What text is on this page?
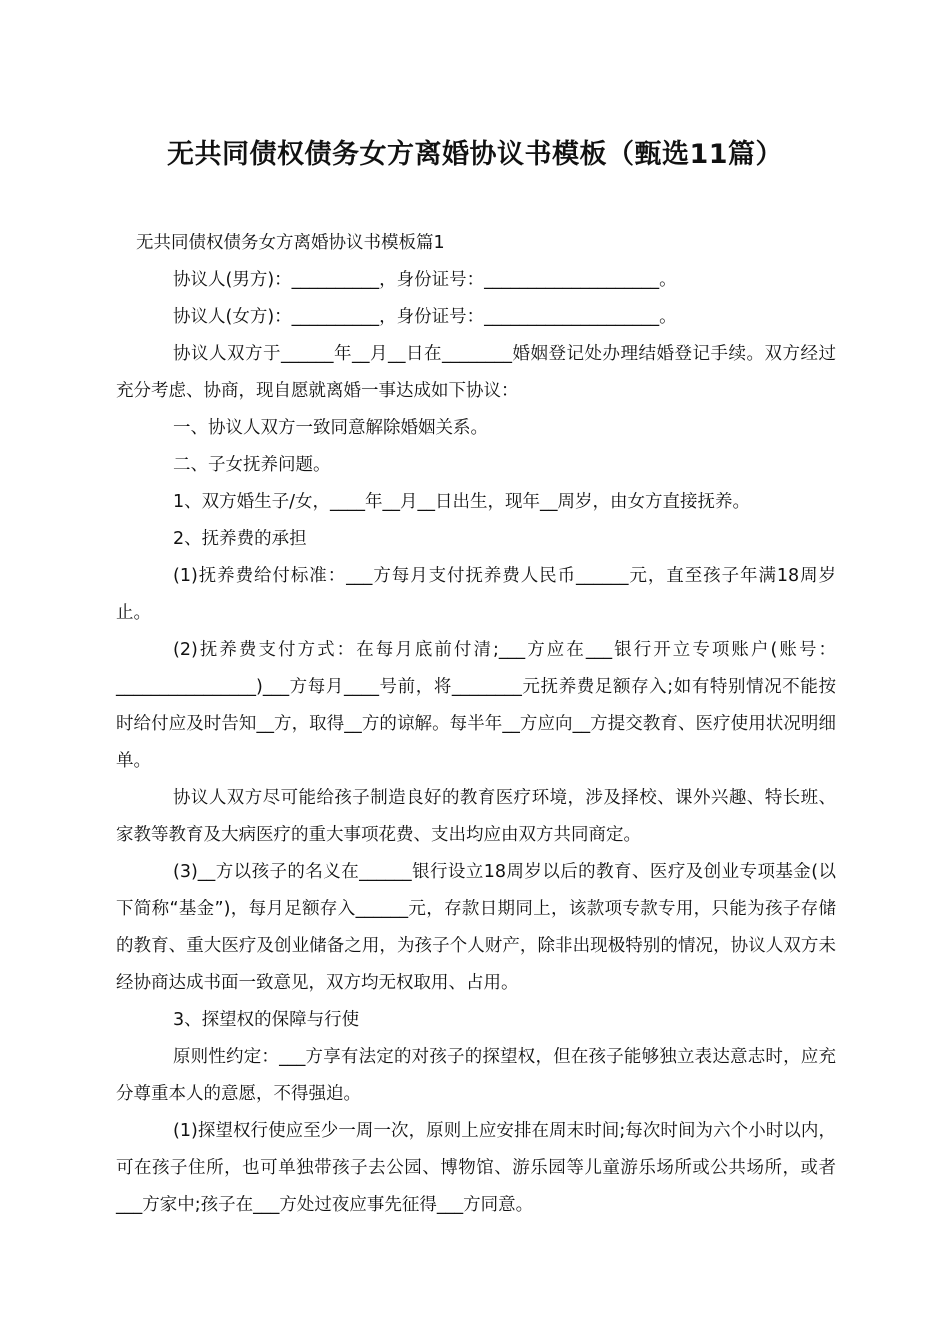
无共同债权债务女方离婚协议书模板（甄选11篇）

无共同债权债务女方离婚协议书模板篇1

协议人(男方)：__________，身份证号：____________________。

协议人(女方)：__________，身份证号：____________________。

协议人双方于______年__月__日在________婚姻登记处办理结婚登记手续。双方经过充分考虑、协商，现自愿就离婚一事达成如下协议：

一、协议人双方一致同意解除婚姻关系。

二、子女抚养问题。

1、双方婚生子/女，____年__月__日出生，现年__周岁，由女方直接抚养。

2、抚养费的承担

(1)抚养费给付标准：___方每月支付抚养费人民币______元，直至孩子年满18周岁止。

(2)抚养费支付方式：在每月底前付清;___方应在___银行开立专项账户(账号：________________)___方每月____号前，将________元抚养费足额存入;如有特别情况不能按时给付应及时告知__方，取得__方的谅解。每半年__方应向__方提交教育、医疗使用状况明细单。

协议人双方尽可能给孩子制造良好的教育医疗环境，涉及择校、课外兴趣、特长班、家教等教育及大病医疗的重大事项花费、支出均应由双方共同商定。

(3)__方以孩子的名义在______银行设立18周岁以后的教育、医疗及创业专项基金(以下简称“基金”)，每月足额存入______元，存款日期同上，该款项专款专用，只能为孩子存储的教育、重大医疗及创业储备之用，为孩子个人财产，除非出现极特别的情况，协议人双方未经协商达成书面一致意见，双方均无权取用、占用。

3、探望权的保障与行使

原则性约定：___方享有法定的对孩子的探望权，但在孩子能够独立表达意志时，应充分尊重本人的意愿，不得强迫。

(1)探望权行使应至少一周一次，原则上应安排在周末时间;每次时间为六个小时以内，可在孩子住所，也可单独带孩子去公园、博物馆、游乐园等儿童游乐场所或公共场所，或者___方家中;孩子在___方处过夜应事先征得___方同意。
